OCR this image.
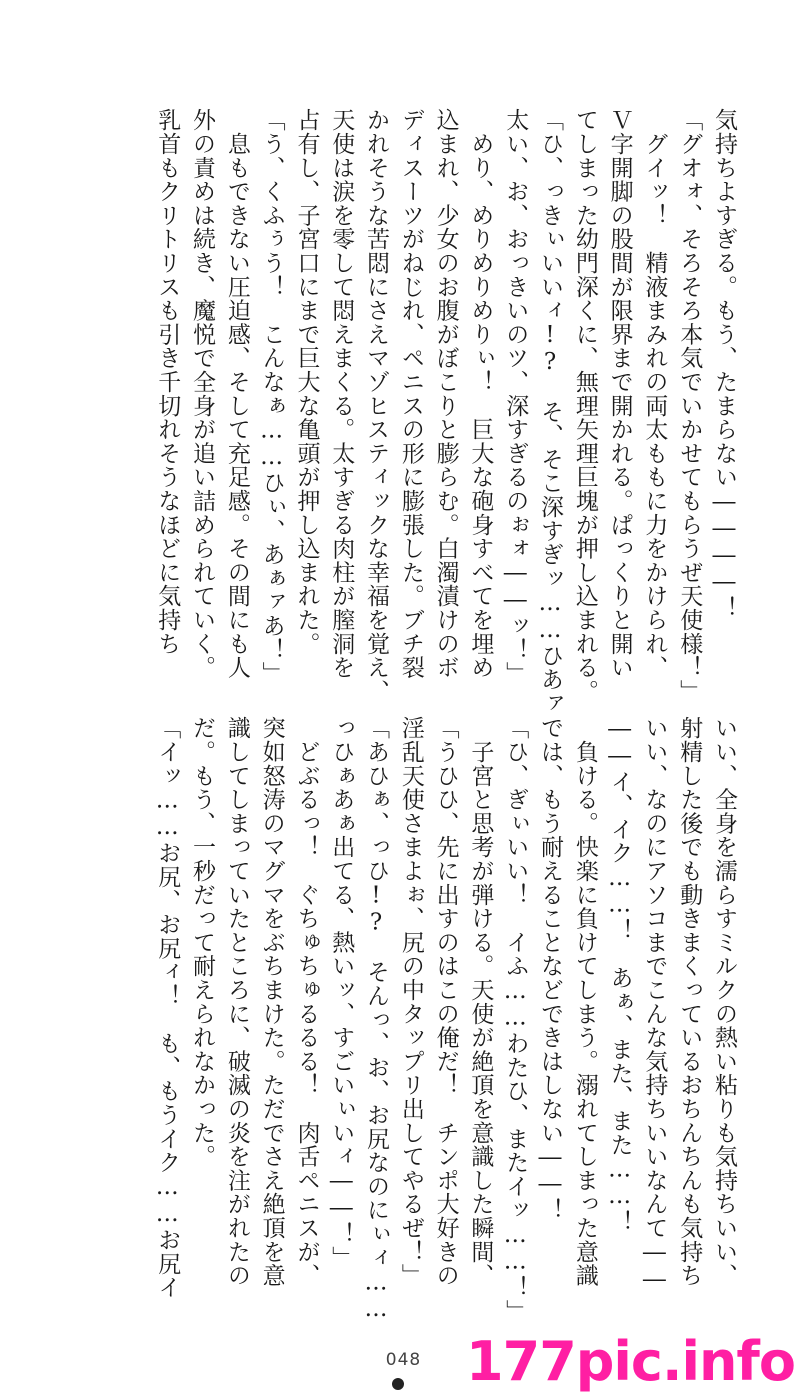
気持ちよすぎる。もう、たまらない――――！
「グオォ、そろそろ本気でいかせてもらうぜ天使様！」
　グイッ！　精液まみれの両太ももに力をかけられ、
Ｖ字開脚の股間が限界まで開かれる。ぱっくりと開い
てしまった幼門深くに、無理矢理巨塊が押し込まれる。
「ひ、っきぃいいィ!?　そ、そこ深すぎッ……ひあァ
太い、お、おっきいのツ、深すぎるのぉォ――ッ！」
　めり、めりめりめりぃ！　巨大な砲身すべてを埋め
込まれ、少女のお腹がぼこりと膨らむ。白濁漬けのボ
ディスーツがねじれ、ペニスの形に膨張した。ブチ裂
かれそうな苦悶にさえマゾヒスティックな幸福を覚え、
天使は涙を零して悶えまくる。太すぎる肉柱が膣洞を
占有し、子宮口にまで巨大な亀頭が押し込まれた。
「う、くふぅう！　こんなぁ……ひぃ、あぁァあ！」
　息もできない圧迫感、そして充足感。その間にも人
外の責めは続き、魔悦で全身が追い詰められていく。
乳首もクリトリスも引き千切れそうなほどに気持ち
いい、全身を濡らすミルクの熱い粘りも気持ちいい、
射精した後でも動きまくっているおちんちんも気持ち
いい、なのにアソコまでこんな気持ちいいなんて――
――イ、イク……！　あぁ、また、また……！
　負ける。快楽に負けてしまう。溺れてしまった意識
では、もう耐えることなどできはしない――！
「ひ、ぎぃいい！　イふ……わたひ、またイッ……！」
　子宮と思考が弾ける。天使が絶頂を意識した瞬間、
「うひひ、先に出すのはこの俺だ！　チンポ大好きの
淫乱天使さまよぉ、尻の中タップリ出してやるぜ！」
「あひぁ、っひ!?　そんっ、お、お尻なのにぃィ……
っひぁあぁ出てる、熱いッ、すごいぃいィ――！」
　どぶるっ！　ぐちゅちゅるるる！　肉舌ペニスが、
突如怒涛のマグマをぶちまけた。ただでさえ絶頂を意
識してしまっていたところに、破滅の炎を注がれたの
だ。もう、一秒だって耐えられなかった。
「イッ……お尻、お尻ィ！　も、もうイク……お尻イ
048 177pic.info
